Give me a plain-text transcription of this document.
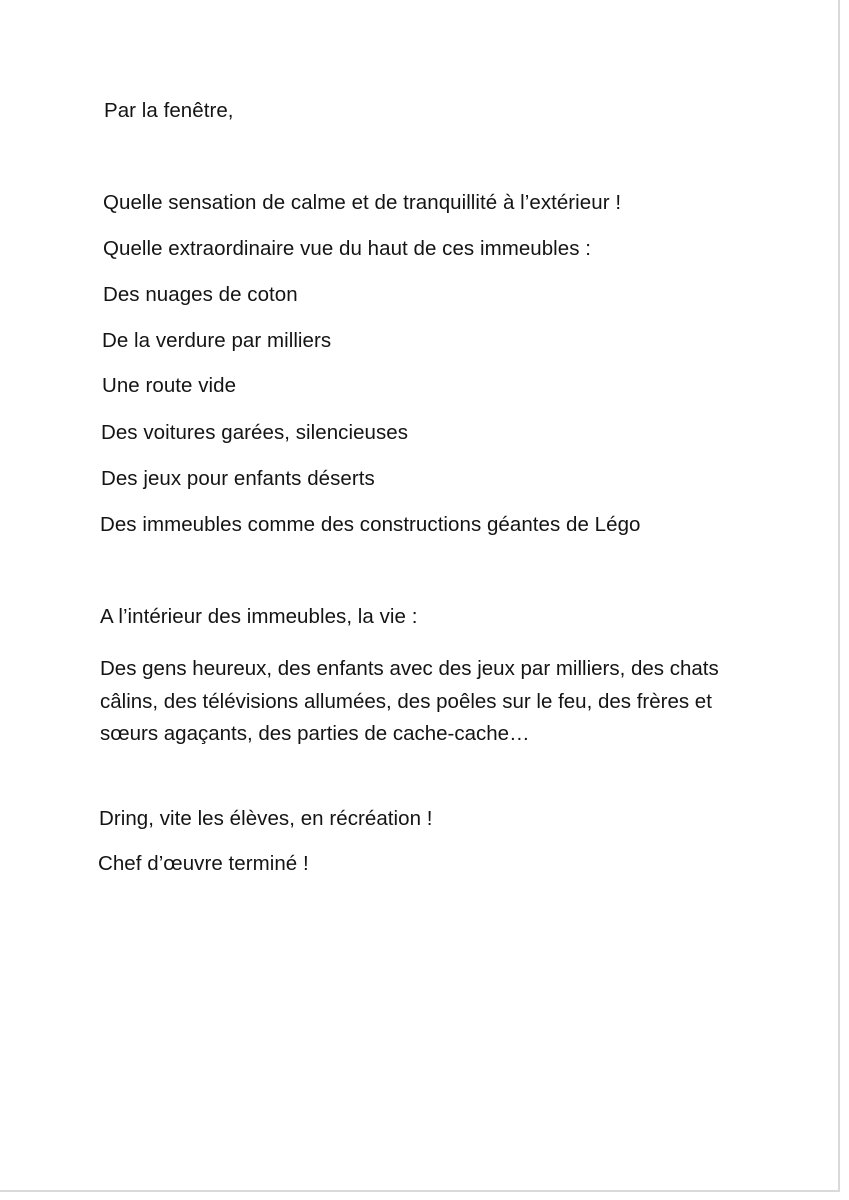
Par la fenêtre,
Quelle sensation de calme et de tranquillité à l’extérieur !
Quelle extraordinaire vue du haut de ces immeubles :
Des nuages de coton
De la verdure par milliers
Une route vide
Des voitures garées, silencieuses
Des jeux pour enfants déserts
Des immeubles comme des constructions géantes de Légo
A l’intérieur des immeubles, la vie :
Des gens heureux, des enfants avec des jeux par milliers, des chats câlins, des télévisions allumées, des poêles sur le feu, des frères et sœurs agaçants, des parties de cache-cache…
Dring, vite les élèves, en récréation !
Chef d’œuvre terminé !
